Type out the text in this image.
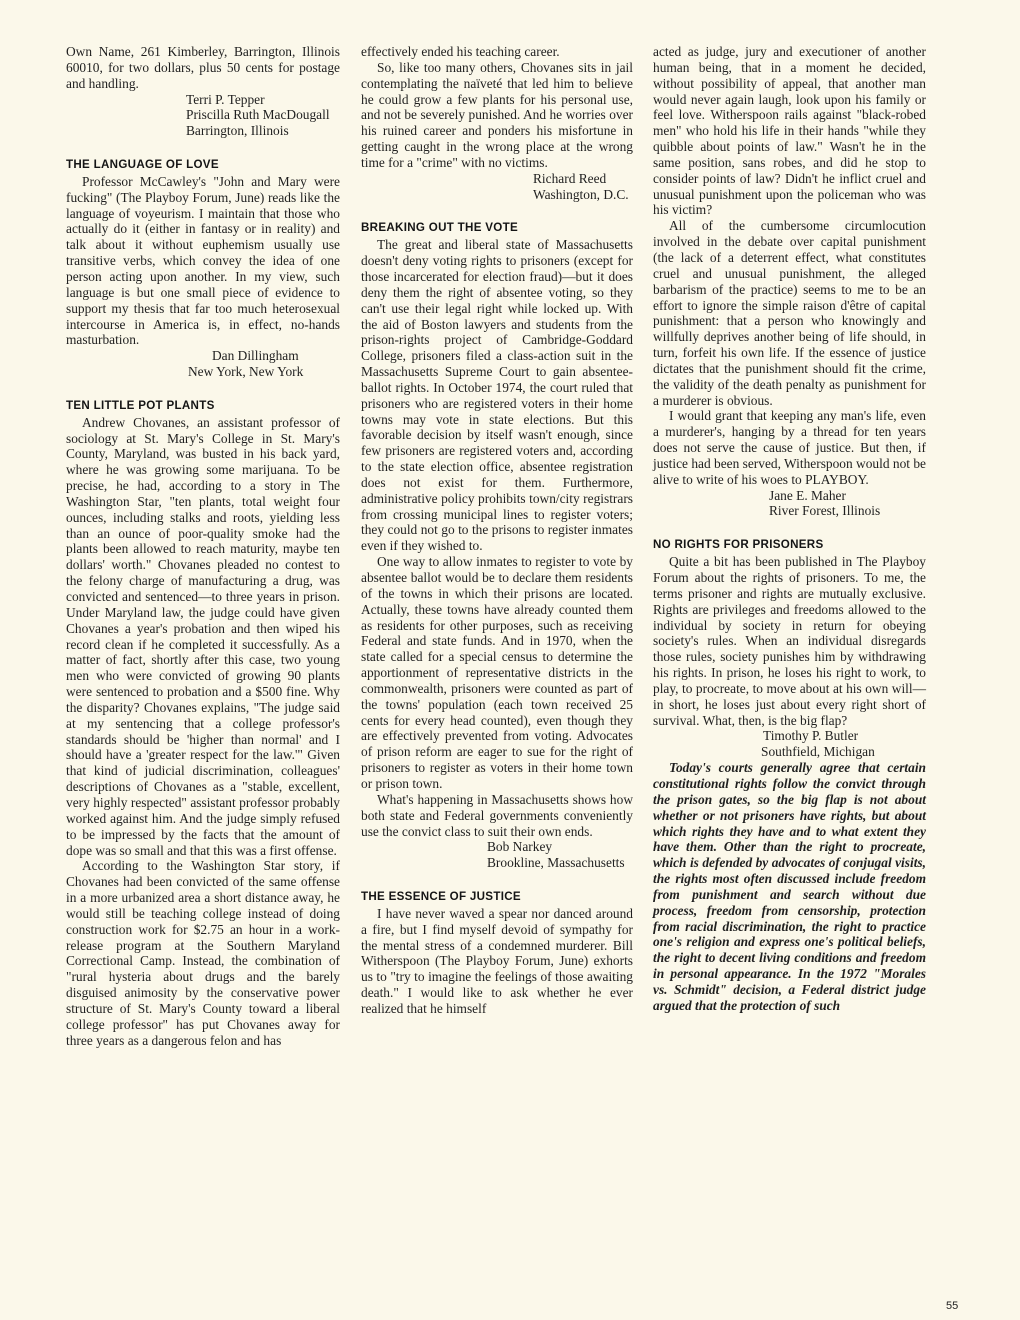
Own Name, 261 Kimberley, Barrington, Illinois 60010, for two dollars, plus 50 cents for postage and handling.

Terri P. Tepper

Priscilla Ruth MacDougall

Barrington, Illinois

THE LANGUAGE OF LOVE

Professor McCawley's "John and Mary were fucking" (The Playboy Forum, June) reads like the language of voyeurism. I maintain that those who actually do it (either in fantasy or in reality) and talk about it without euphemism usually use transitive verbs, which convey the idea of one person acting upon another. In my view, such language is but one small piece of evidence to support my thesis that far too much heterosexual intercourse in America is, in effect, no-hands masturbation.

Dan Dillingham

New York, New York

TEN LITTLE POT PLANTS

Andrew Chovanes, an assistant professor of sociology at St. Mary's College in St. Mary's County, Maryland, was busted in his back yard, where he was growing some marijuana. To be precise, he had, according to a story in The Washington Star, "ten plants, total weight four ounces, including stalks and roots, yielding less than an ounce of poor-quality smoke had the plants been allowed to reach maturity, maybe ten dollars' worth." Chovanes pleaded no contest to the felony charge of manufacturing a drug, was convicted and sentenced—to three years in prison. Under Maryland law, the judge could have given Chovanes a year's probation and then wiped his record clean if he completed it successfully. As a matter of fact, shortly after this case, two young men who were convicted of growing 90 plants were sentenced to probation and a $500 fine. Why the disparity? Chovanes explains, "The judge said at my sentencing that a college professor's standards should be 'higher than normal' and I should have a 'greater respect for the law.'" Given that kind of judicial discrimination, colleagues' descriptions of Chovanes as a "stable, excellent, very highly respected" assistant professor probably worked against him. And the judge simply refused to be impressed by the facts that the amount of dope was so small and that this was a first offense.

According to the Washington Star story, if Chovanes had been convicted of the same offense in a more urbanized area a short distance away, he would still be teaching college instead of doing construction work for $2.75 an hour in a work-release program at the Southern Maryland Correctional Camp. Instead, the combination of "rural hysteria about drugs and the barely disguised animosity by the conservative power structure of St. Mary's County toward a liberal college professor" has put Chovanes away for three years as a dangerous felon and has

effectively ended his teaching career.

So, like too many others, Chovanes sits in jail contemplating the naïveté that led him to believe he could grow a few plants for his personal use, and not be severely punished. And he worries over his ruined career and ponders his misfortune in getting caught in the wrong place at the wrong time for a "crime" with no victims.

Richard Reed

Washington, D.C.

BREAKING OUT THE VOTE

The great and liberal state of Massachusetts doesn't deny voting rights to prisoners (except for those incarcerated for election fraud)—but it does deny them the right of absentee voting, so they can't use their legal right while locked up. With the aid of Boston lawyers and students from the prison-rights project of Cambridge-Goddard College, prisoners filed a class-action suit in the Massachusetts Supreme Court to gain absentee-ballot rights. In October 1974, the court ruled that prisoners who are registered voters in their home towns may vote in state elections. But this favorable decision by itself wasn't enough, since few prisoners are registered voters and, according to the state election office, absentee registration does not exist for them. Furthermore, administrative policy prohibits town/city registrars from crossing municipal lines to register voters; they could not go to the prisons to register inmates even if they wished to.

One way to allow inmates to register to vote by absentee ballot would be to declare them residents of the towns in which their prisons are located. Actually, these towns have already counted them as residents for other purposes, such as receiving Federal and state funds. And in 1970, when the state called for a special census to determine the apportionment of representative districts in the commonwealth, prisoners were counted as part of the towns' population (each town received 25 cents for every head counted), even though they are effectively prevented from voting. Advocates of prison reform are eager to sue for the right of prisoners to register as voters in their home town or prison town.

What's happening in Massachusetts shows how both state and Federal governments conveniently use the convict class to suit their own ends.

Bob Narkey

Brookline, Massachusetts

THE ESSENCE OF JUSTICE

I have never waved a spear nor danced around a fire, but I find myself devoid of sympathy for the mental stress of a condemned murderer. Bill Witherspoon (The Playboy Forum, June) exhorts us to "try to imagine the feelings of those awaiting death." I would like to ask whether he ever realized that he himself

acted as judge, jury and executioner of another human being, that in a moment he decided, without possibility of appeal, that another man would never again laugh, look upon his family or feel love. Witherspoon rails against "black-robed men" who hold his life in their hands "while they quibble about points of law." Wasn't he in the same position, sans robes, and did he stop to consider points of law? Didn't he inflict cruel and unusual punishment upon the policeman who was his victim?

All of the cumbersome circumlocution involved in the debate over capital punishment (the lack of a deterrent effect, what constitutes cruel and unusual punishment, the alleged barbarism of the practice) seems to me to be an effort to ignore the simple raison d'être of capital punishment: that a person who knowingly and willfully deprives another being of life should, in turn, forfeit his own life. If the essence of justice dictates that the punishment should fit the crime, the validity of the death penalty as punishment for a murderer is obvious.

I would grant that keeping any man's life, even a murderer's, hanging by a thread for ten years does not serve the cause of justice. But then, if justice had been served, Witherspoon would not be alive to write of his woes to PLAYBOY.

Jane E. Maher

River Forest, Illinois

NO RIGHTS FOR PRISONERS

Quite a bit has been published in The Playboy Forum about the rights of prisoners. To me, the terms prisoner and rights are mutually exclusive. Rights are privileges and freedoms allowed to the individual by society in return for obeying society's rules. When an individual disregards those rules, society punishes him by withdrawing his rights. In prison, he loses his right to work, to play, to procreate, to move about at his own will—in short, he loses just about every right short of survival. What, then, is the big flap?

Timothy P. Butler

Southfield, Michigan

Today's courts generally agree that certain constitutional rights follow the convict through the prison gates, so the big flap is not about whether or not prisoners have rights, but about which rights they have and to what extent they have them. Other than the right to procreate, which is defended by advocates of conjugal visits, the rights most often discussed include freedom from punishment and search without due process, freedom from censorship, protection from racial discrimination, the right to practice one's religion and express one's political beliefs, the right to decent living conditions and freedom in personal appearance. In the 1972 "Morales vs. Schmidt" decision, a Federal district judge argued that the protection of such

55
